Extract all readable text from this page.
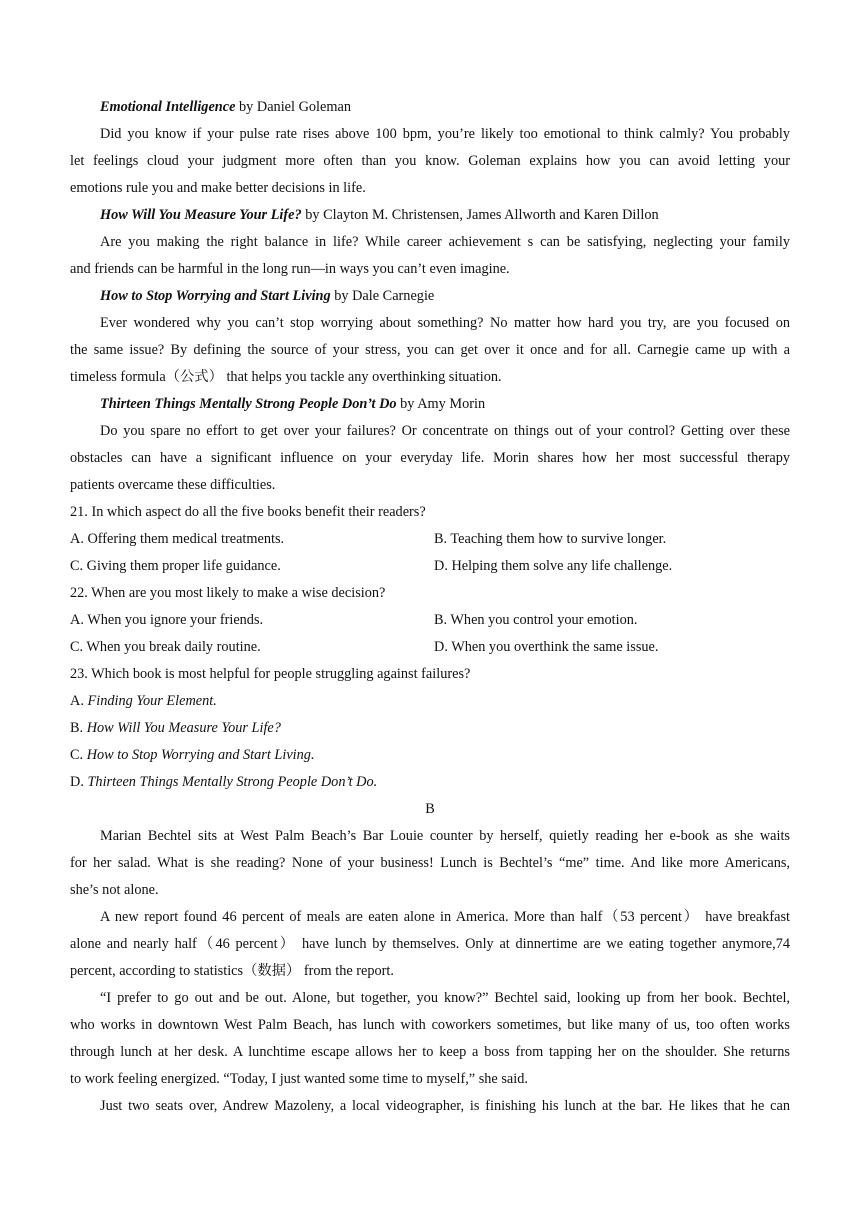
Emotional Intelligence by Daniel Goleman
Did you know if your pulse rate rises above 100 bpm, you’re likely too emotional to think calmly? You probably
let feelings cloud your judgment more often than you know. Goleman explains how you can avoid letting your
emotions rule you and make better decisions in life.
How Will You Measure Your Life? by Clayton M. Christensen, James Allworth and Karen Dillon
Are you making the right balance in life? While career achievement s can be satisfying, neglecting your family
and friends can be harmful in the long run—in ways you can’t even imagine.
How to Stop Worrying and Start Living by Dale Carnegie
Ever wondered why you can’t stop worrying about something? No matter how hard you try, are you focused on
the same issue? By defining the source of your stress, you can get over it once and for all. Carnegie came up with a
timeless formula（公式） that helps you tackle any overthinking situation.
Thirteen Things Mentally Strong People Don’t Do by Amy Morin
Do you spare no effort to get over your failures? Or concentrate on things out of your control? Getting over these
obstacles can have a significant influence on your everyday life. Morin shares how her most successful therapy
patients overcame these difficulties.
21. In which aspect do all the five books benefit their readers?
A. Offering them medical treatments.	B. Teaching them how to survive longer.
C. Giving them proper life guidance.	D. Helping them solve any life challenge.
22. When are you most likely to make a wise decision?
A. When you ignore your friends.	B. When you control your emotion.
C. When you break daily routine.	D. When you overthink the same issue.
23. Which book is most helpful for people struggling against failures?
A. Finding Your Element.
B. How Will You Measure Your Life?
C. How to Stop Worrying and Start Living.
D. Thirteen Things Mentally Strong People Don’t Do.
B
Marian Bechtel sits at West Palm Beach’s Bar Louie counter by herself, quietly reading her e-book as she waits
for her salad. What is she reading? None of your business! Lunch is Bechtel’s “me” time. And like more Americans,
she’s not alone.
A new report found 46 percent of meals are eaten alone in America. More than half（53 percent） have breakfast
alone and nearly half（46 percent） have lunch by themselves. Only at dinnertime are we eating together anymore,74
percent, according to statistics（数据） from the report.
“I prefer to go out and be out. Alone, but together, you know?” Bechtel said, looking up from her book. Bechtel,
who works in downtown West Palm Beach, has lunch with coworkers sometimes, but like many of us, too often works
through lunch at her desk. A lunchtime escape allows her to keep a boss from tapping her on the shoulder. She returns
to work feeling energized. “Today, I just wanted some time to myself,” she said.
Just two seats over, Andrew Mazoleny, a local videographer, is finishing his lunch at the bar. He likes that he can
